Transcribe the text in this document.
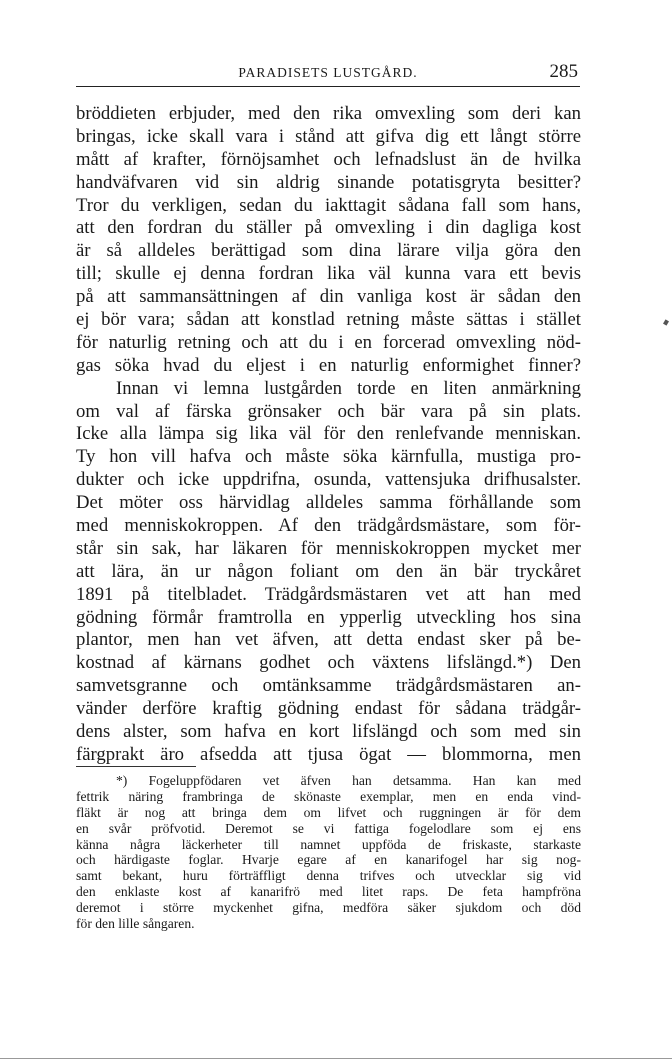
PARADISETS LUSTGÅRD.	285
bröddieten erbjuder, med den rika omvexling som deri kan
bringas, icke skall vara i stånd att gifva dig ett långt större
mått af krafter, förnöjsamhet och lefnadslust än de hvilka
handväfvaren vid sin aldrig sinande potatisgryta besitter?
Tror du verkligen, sedan du iakttagit sådana fall som hans,
att den fordran du ställer på omvexling i din dagliga kost
är så alldeles berättigad som dina lärare vilja göra den
till; skulle ej denna fordran lika väl kunna vara ett bevis
på att sammansättningen af din vanliga kost är sådan den
ej bör vara; sådan att konstlad retning måste sättas i stället
för naturlig retning och att du i en forcerad omvexling nöd-
gas söka hvad du eljest i en naturlig enformighet finner?
Innan vi lemna lustgården torde en liten anmärkning
om val af färska grönsaker och bär vara på sin plats.
Icke alla lämpa sig lika väl för den renlefvande menniskan.
Ty hon vill hafva och måste söka kärnfulla, mustiga pro-
dukter och icke uppdrifna, osunda, vattensjuka drifhusalster.
Det möter oss härvidlag alldeles samma förhållande som
med menniskokroppen. Af den trädgårdsmästare, som för-
står sin sak, har läkaren för menniskokroppen mycket mer
att lära, än ur någon foliant om den än bär tryckåret
1891 på titelbladet. Trädgårdsmästaren vet att han med
gödning förmår framtrolla en ypperlig utveckling hos sina
plantor, men han vet äfven, att detta endast sker på be-
kostnad af kärnans godhet och växtens lifslängd.*) Den
samvetsgranne och omtänksamme trädgårdsmästaren an-
vänder derföre kraftig gödning endast för sådana trädgår-
dens alster, som hafva en kort lifslängd och som med sin
färgprakt äro afsedda att tjusa ögat — blommorna, men
*) Fogeluppfödaren vet äfven han detsamma. Han kan med
fettrik näring frambringa de skönaste exemplar, men en enda vind-
fläkt är nog att bringa dem om lifvet och ruggningen är för dem
en svår pröfvotid. Deremot se vi fattiga fogelodlare som ej ens
känna några läckerheter till namnet uppföda de friskaste, starkaste
och härdigaste foglar. Hvarje egare af en kanarifogel har sig nog-
samt bekant, huru förträffligt denna trifves och utvecklar sig vid
den enklaste kost af kanarifrö med litet raps. De feta hampfröna
deremot i större myckenhet gifna, medföra säker sjukdom och död
för den lille sångaren.
